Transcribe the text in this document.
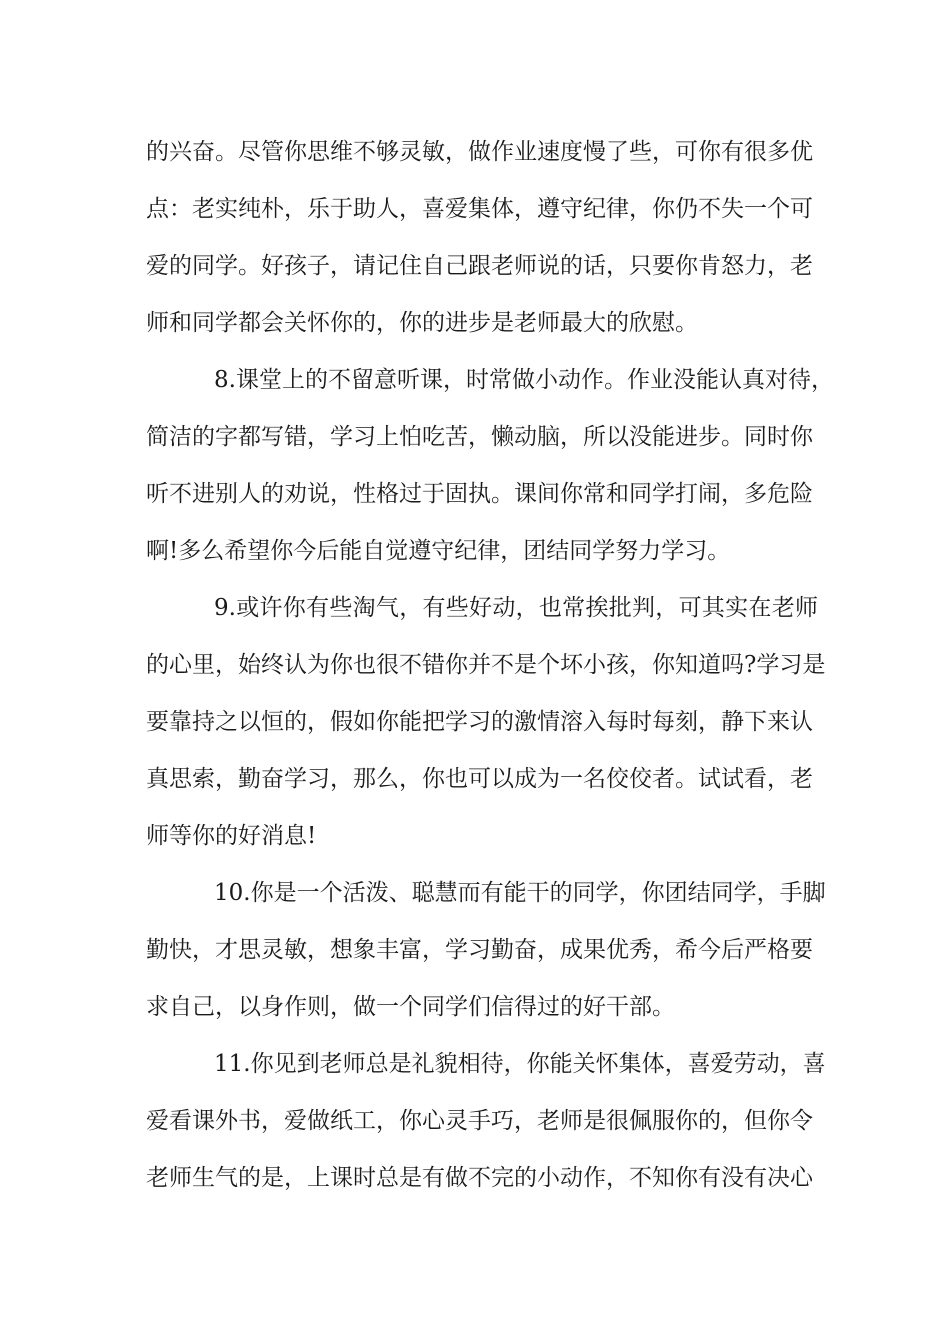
的兴奋。尽管你思维不够灵敏，做作业速度慢了些，可你有很多优
点：老实纯朴，乐于助人，喜爱集体，遵守纪律，你仍不失一个可
爱的同学。好孩子，请记住自己跟老师说的话，只要你肯怒力，老
师和同学都会关怀你的，你的进步是老师最大的欣慰。
8.课堂上的不留意听课，时常做小动作。作业没能认真对待，
简洁的字都写错，学习上怕吃苦，懒动脑，所以没能进步。同时你
听不进别人的劝说，性格过于固执。课间你常和同学打闹，多危险
啊!多么希望你今后能自觉遵守纪律，团结同学努力学习。
9.或许你有些淘气，有些好动，也常挨批判，可其实在老师
的心里，始终认为你也很不错你并不是个坏小孩，你知道吗?学习是
要靠持之以恒的，假如你能把学习的激情溶入每时每刻，静下来认
真思索，勤奋学习，那么，你也可以成为一名佼佼者。试试看，老
师等你的好消息!
10.你是一个活泼、聪慧而有能干的同学，你团结同学，手脚
勤快，才思灵敏，想象丰富，学习勤奋，成果优秀，希今后严格要
求自己，以身作则，做一个同学们信得过的好干部。
11.你见到老师总是礼貌相待，你能关怀集体，喜爱劳动，喜
爱看课外书，爱做纸工，你心灵手巧，老师是很佩服你的，但你令
老师生气的是，上课时总是有做不完的小动作，不知你有没有决心
